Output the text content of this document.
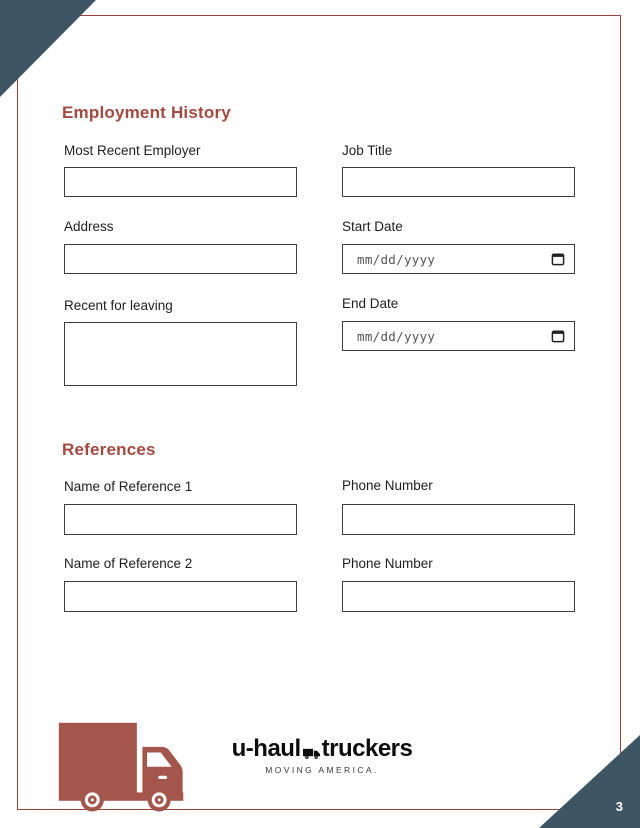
3
Employment History
Most Recent Employer	Job Title
Address	Start Date
mm/dd/yyyy
Recent for leaving	End Date
mm/dd/yyyy
References
Name of Reference 1	Phone Number
Name of Reference 2	Phone Number
u-haul truckers
MOVING AMERICA.
